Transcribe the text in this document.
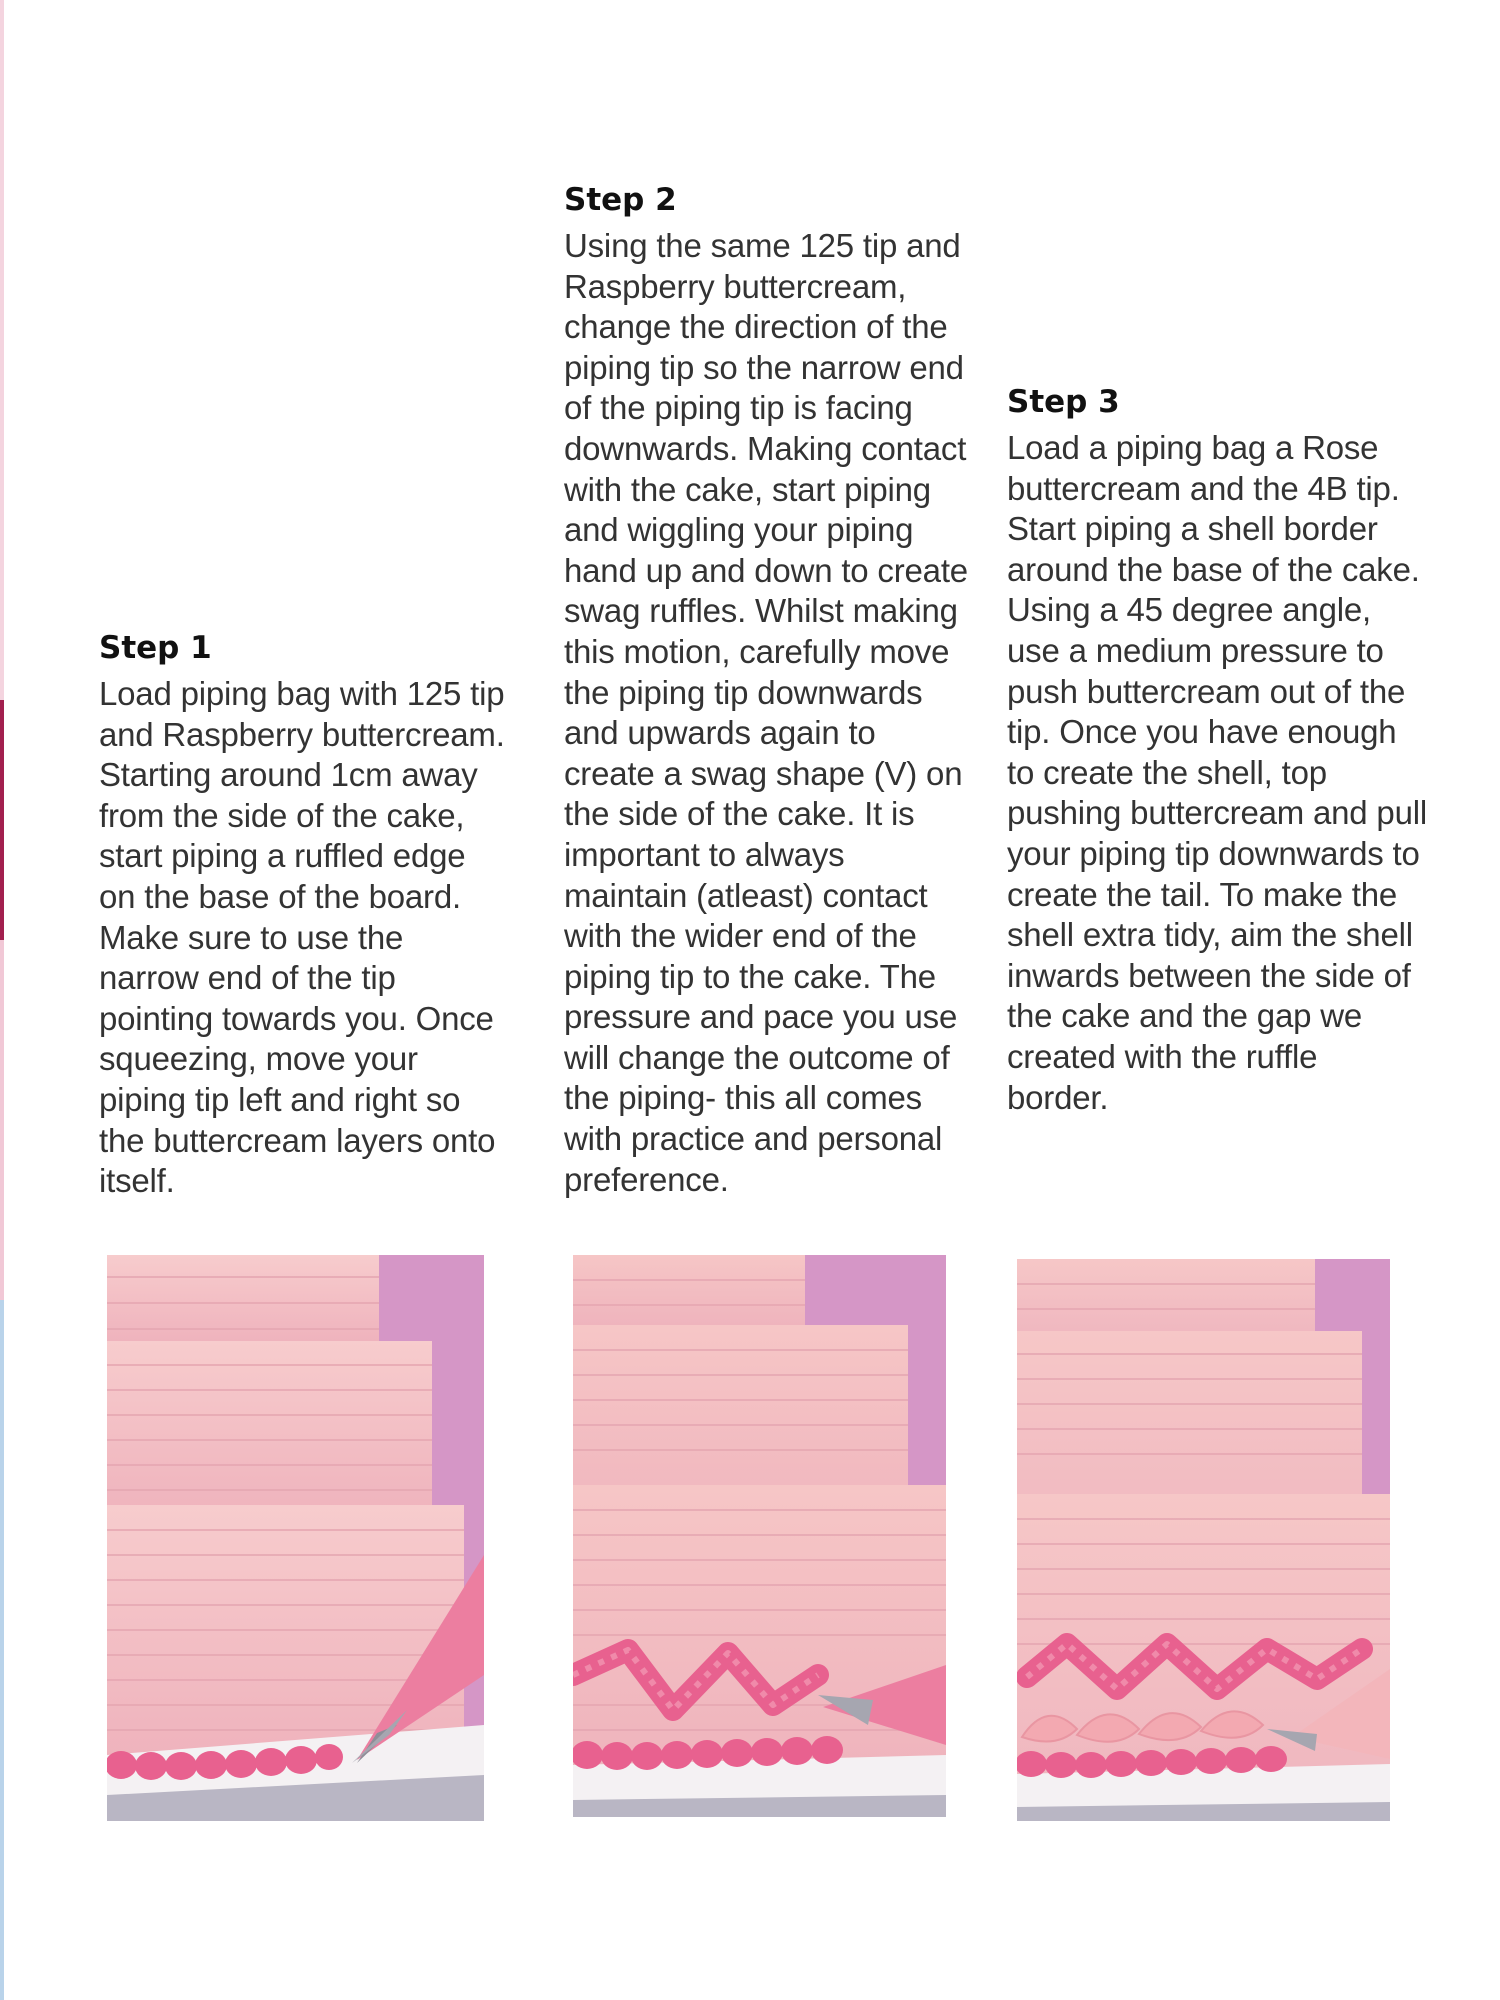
Step 1

Load piping bag with 125 tip and Raspberry buttercream. Starting around 1cm away from the side of the cake, start piping a ruffled edge on the base of the board. Make sure to use the narrow end of the tip pointing towards you. Once squeezing, move your piping tip left and right so the buttercream layers onto itself.

Step 2

Using the same 125 tip and Raspberry buttercream, change the direction of the piping tip so the narrow end of the piping tip is facing downwards. Making contact with the cake, start piping and wiggling your piping hand up and down to create swag ruffles. Whilst making this motion, carefully move the piping tip downwards and upwards again to create a swag shape (V) on the side of the cake. It is important to always maintain (atleast) contact with the wider end of the piping tip to the cake. The pressure and pace you use will change the outcome of the piping- this all comes with practice and personal preference.

Step 3

Load a piping bag a Rose buttercream and the 4B tip. Start piping a shell border around the base of the cake. Using a 45 degree angle, use a medium pressure to push buttercream out of the tip. Once you have enough to create the shell, top pushing buttercream and pull your piping tip downwards to create the tail. To make the shell extra tidy, aim the shell inwards between the side of the cake and the gap we created with the ruffle border.
